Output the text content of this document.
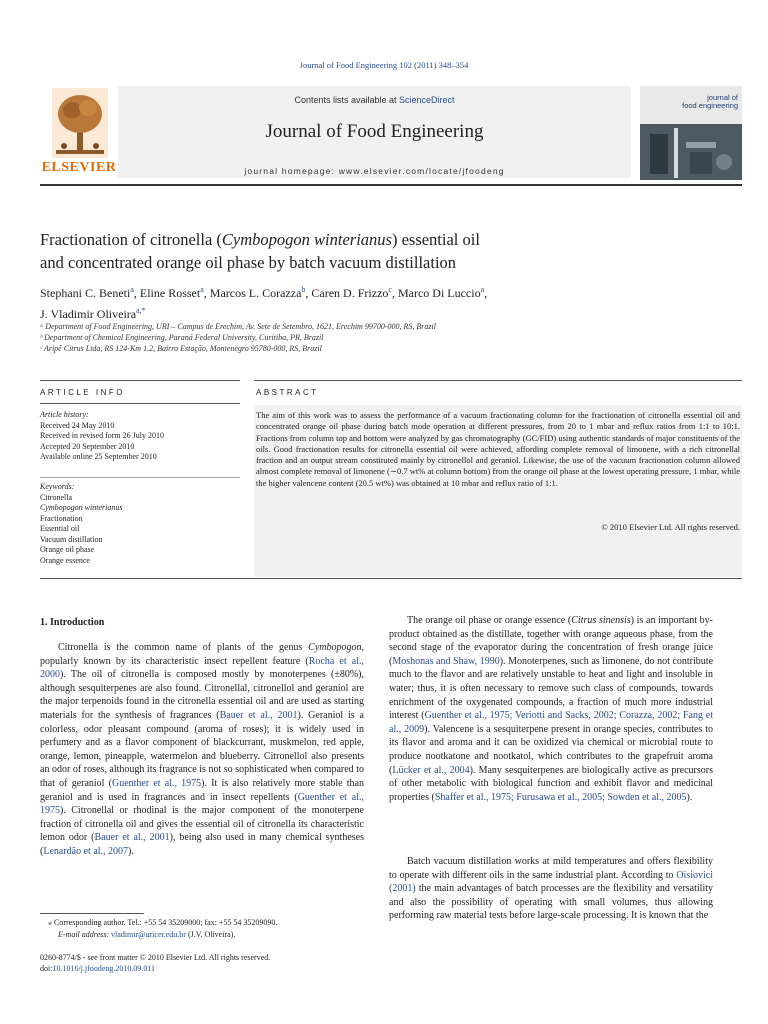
Journal of Food Engineering 102 (2011) 348–354
Contents lists available at ScienceDirect
Journal of Food Engineering
journal homepage: www.elsevier.com/locate/jfoodeng
ELSEVIER
journal of
food engineering
Fractionation of citronella (Cymbopogon winterianus) essential oil
and concentrated orange oil phase by batch vacuum distillation
Stephani C. Beneti$^a$, Eline Rosset$^a$, Marcos L. Corazza$^b$, Caren D. Frizzo$^c$, Marco Di Luccio$^a$,
J. Vladimir Oliveira$^{a,*}$
ᵃ Department of Food Engineering, URI – Campus de Erechim, Av. Sete de Setembro, 1621, Erechim 99700-000, RS, Brazil
ᵇ Department of Chemical Engineering, Paraná Federal University, Curitiba, PR, Brazil
ᶜ Aripê Citrus Ltda, RS 124-Km 1.2, Bairro Estação, Montenegro 95780-000, RS, Brazil
ARTICLE INFO	ABSTRACT
Article history:
Received 24 May 2010
Received in revised form 26 July 2010
Accepted 20 September 2010
Available online 25 September 2010
Keywords:
Citronella
Cymbopogon winterianus
Fractionation
Essential oil
Vacuum distillation
Orange oil phase
Orange essence
The aim of this work was to assess the performance of a vacuum fractionating column for the fractionation of citronella essential oil and concentrated orange oil phase during batch mode operation at different pressures, from 20 to 1 mbar and reflux ratios from 1:1 to 10:1. Fractions from column top and bottom were analyzed by gas chromatography (GC/FID) using authentic standards of major constituents of the oils. Good fractionation results for citronella essential oil were achieved, affording complete removal of limonene, with a rich citronellal fraction and an output stream constituted mainly by citronellol and geraniol. Likewise, the use of the vacuum fractionation column allowed almost complete removal of limonene (∼0.7 wt% at column bottom) from the orange oil phase at the lowest operating pressure, 1 mbar, while the higher valencene content (20.5 wt%) was obtained at 10 mbar and reflux ratio of 1:1.
© 2010 Elsevier Ltd. All rights reserved.
1. Introduction
Citronella is the common name of plants of the genus Cymbopogon, popularly known by its characteristic insect repellent feature (Rocha et al., 2000). The oil of citronella is composed mostly by monoterpenes (±80%), although sesquiterpenes are also found. Citronellal, citronellol and geraniol are the major terpenoids found in the citronella essential oil and are used as starting materials for the synthesis of fragrances (Bauer et al., 2001). Geraniol is a colorless, odor pleasant compound (aroma of roses); it is widely used in perfumery and as a flavor component of blackcurrant, muskmelon, red apple, orange, lemon, pineapple, watermelon and blueberry. Citronellol also presents an odor of roses, although its fragrance is not so sophisticated when compared to that of geraniol (Guenther et al., 1975). It is also relatively more stable than geraniol and is used in fragrances and in insect repellents (Guenther et al., 1975). Citronellal or rhodinal is the major component of the monoterpene fraction of citronella oil and gives the essential oil of citronella its characteristic lemon odor (Bauer et al., 2001), being also used in many chemical syntheses (Lenardão et al., 2007).
The orange oil phase or orange essence (Citrus sinensis) is an important by-product obtained as the distillate, together with orange aqueous phase, from the second stage of the evaporator during the concentration of fresh orange juice (Moshonas and Shaw, 1990). Monoterpenes, such as limonene, do not contribute much to the flavor and are relatively unstable to heat and light and insoluble in water; thus, it is often necessary to remove such class of compounds, towards enrichment of the oxygenated compounds, a fraction of much more industrial interest (Guenther et al., 1975; Veriotti and Sacks, 2002; Corazza, 2002; Fang et al., 2009). Valencene is a sesquiterpene present in orange species, contributes to its flavor and aroma and it can be oxidized via chemical or microbial route to produce nootkatone and nootkatol, which contributes to the grapefruit aroma (Lücker et al., 2004). Many sesquiterpenes are biologically active as precursors of other metabolic with biological function and exhibit flavor and medicinal properties (Shaffer et al., 1975; Furusawa et al., 2005; Sowden et al., 2005).
Batch vacuum distillation works at mild temperatures and offers flexibility to operate with different oils in the same industrial plant. According to Oisiovici (2001) the main advantages of batch processes are the flexibility and versatility and also the possibility of operating with small volumes, thus allowing performing raw material tests before large-scale processing. It is known that the
⁎ Corresponding author. Tel.: +55 54 35209000; fax: +55 54 35209090.
E-mail address: vladimir@uricer.edu.br (J.V. Oliveira).
0260-8774/$ - see front matter © 2010 Elsevier Ltd. All rights reserved.
doi:10.1016/j.jfoodeng.2010.09.011
